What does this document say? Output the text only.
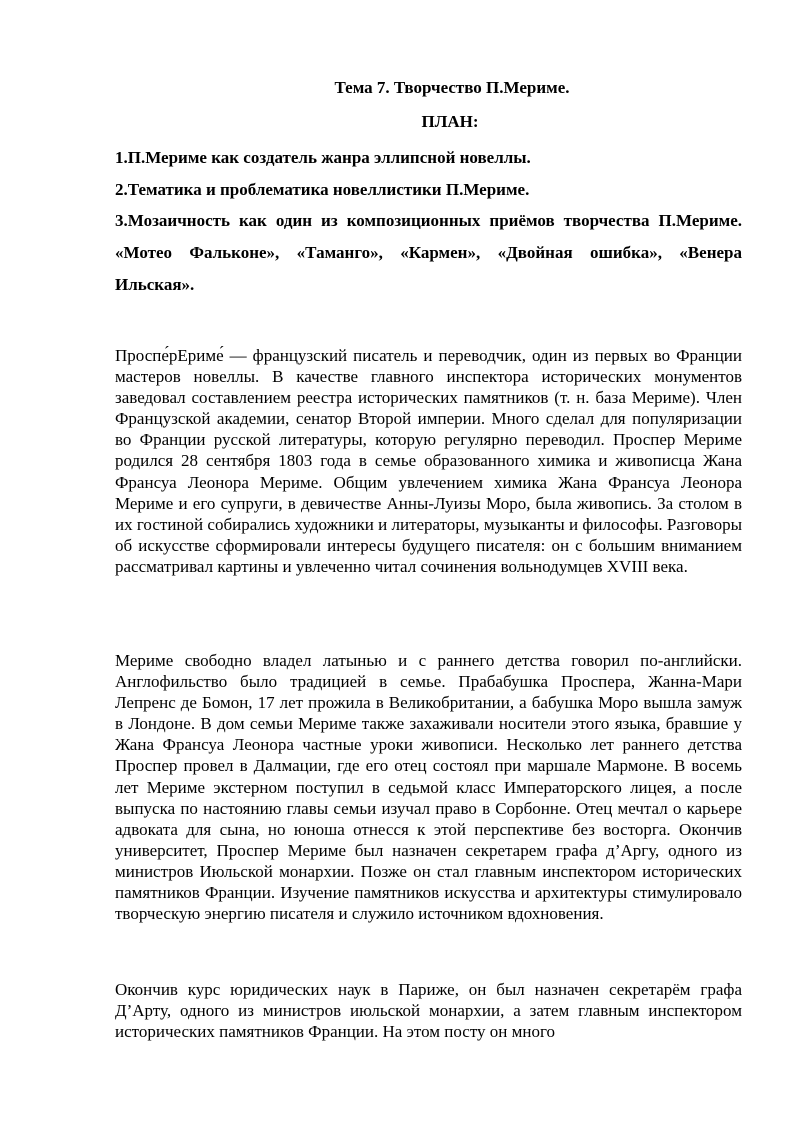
Тема 7. Творчество П.Мериме.
ПЛАН:
1.П.Мериме как создатель жанра эллипсной новеллы.
2.Тематика и проблематика новеллистики П.Мериме.
3.Мозаичность как один из композиционных приёмов творчества П.Мериме. «Мотео Фальконе», «Таманго», «Кармен», «Двойная ошибка», «Венера Ильская».

Проспе́рЕриме́ — французский писатель и переводчик, один из первых во Франции мастеров новеллы. В качестве главного инспектора исторических монументов заведовал составлением реестра исторических памятников (т. н. база Мериме). Член Французской академии, сенатор Второй империи. Много сделал для популяризации во Франции русской литературы, которую регулярно переводил. Проспер Мериме родился 28 сентября 1803 года в семье образованного химика и живописца Жана Франсуа Леонора Мериме. Общим увлечением химика Жана Франсуа Леонора Мериме и его супруги, в девичестве Анны-Луизы Моро, была живопись. За столом в их гостиной собирались художники и литераторы, музыканты и философы. Разговоры об искусстве сформировали интересы будущего писателя: он с большим вниманием рассматривал картины и увлеченно читал сочинения вольнодумцев XVIII века.

Мериме свободно владел латынью и с раннего детства говорил по-английски. Англофильство было традицией в семье. Прабабушка Проспера, Жанна-Мари Лепренс де Бомон, 17 лет прожила в Великобритании, а бабушка Моро вышла замуж в Лондоне. В дом семьи Мериме также захаживали носители этого языка, бравшие у Жана Франсуа Леонора частные уроки живописи. Несколько лет раннего детства Проспер провел в Далмации, где его отец состоял при маршале Мармоне. В восемь лет Мериме экстерном поступил в седьмой класс Императорского лицея, а после выпуска по настоянию главы семьи изучал право в Сорбонне. Отец мечтал о карьере адвоката для сына, но юноша отнесся к этой перспективе без восторга. Окончив университет, Проспер Мериме был назначен секретарем графа д’Аргу, одного из министров Июльской монархии. Позже он стал главным инспектором исторических памятников Франции. Изучение памятников искусства и архитектуры стимулировало творческую энергию писателя и служило источником вдохновения.

Окончив курс юридических наук в Париже, он был назначен секретарём графа Д’Арту, одного из министров июльской монархии, а затем главным инспектором исторических памятников Франции. На этом посту он много
